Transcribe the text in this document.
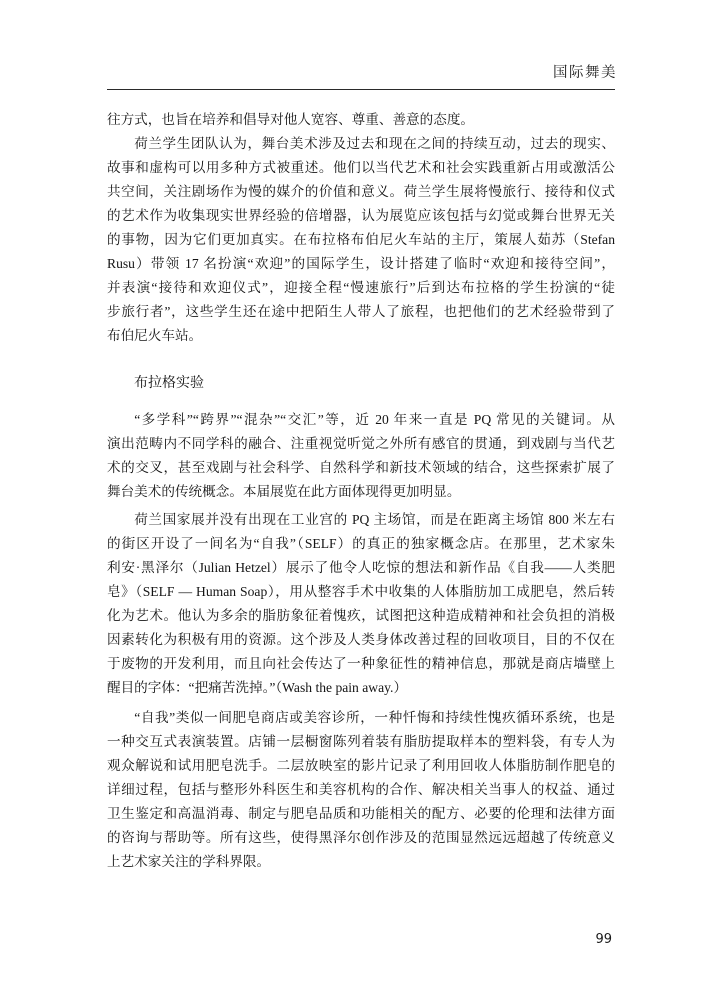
国际舞美
往方式，也旨在培养和倡导对他人宽容、尊重、善意的态度。
荷兰学生团队认为，舞台美术涉及过去和现在之间的持续互动，过去的现实、
故事和虚构可以用多种方式被重述。他们以当代艺术和社会实践重新占用或激活公
共空间，关注剧场作为慢的媒介的价值和意义。荷兰学生展将慢旅行、接待和仪式
的艺术作为收集现实世界经验的倍增器，认为展览应该包括与幻觉或舞台世界无关
的事物，因为它们更加真实。在布拉格布伯尼火车站的主厅，策展人茹苏（Stefan
Rusu）带领 17 名扮演“欢迎”的国际学生，设计搭建了临时“欢迎和接待空间”，
并表演“接待和欢迎仪式”，迎接全程“慢速旅行”后到达布拉格的学生扮演的“徒
步旅行者”，这些学生还在途中把陌生人带人了旅程，也把他们的艺术经验带到了
布伯尼火车站。
布拉格实验
“多学科”“跨界”“混杂”“交汇”等，近 20 年来一直是 PQ 常见的关键词。从
演出范畴内不同学科的融合、注重视觉听觉之外所有感官的贯通，到戏剧与当代艺
术的交叉，甚至戏剧与社会科学、自然科学和新技术领域的结合，这些探索扩展了
舞台美术的传统概念。本届展览在此方面体现得更加明显。
荷兰国家展并没有出现在工业宫的 PQ 主场馆，而是在距离主场馆 800 米左右
的街区开设了一间名为“自我”（SELF）的真正的独家概念店。在那里，艺术家朱
利安·黑泽尔（Julian Hetzel）展示了他令人吃惊的想法和新作品《自我——人类肥
皂》（SELF — Human Soap），用从整容手术中收集的人体脂肪加工成肥皂，然后转
化为艺术。他认为多余的脂肪象征着愧疚，试图把这种造成精神和社会负担的消极
因素转化为积极有用的资源。这个涉及人类身体改善过程的回收项目，目的不仅在
于废物的开发利用，而且向社会传达了一种象征性的精神信息，那就是商店墙壁上
醒目的字体：“把痛苦洗掉。”（Wash the pain away.）
“自我”类似一间肥皂商店或美容诊所，一种忏悔和持续性愧疚循环系统，也是
一种交互式表演装置。店铺一层橱窗陈列着装有脂肪提取样本的塑料袋，有专人为
观众解说和试用肥皂洗手。二层放映室的影片记录了利用回收人体脂肪制作肥皂的
详细过程，包括与整形外科医生和美容机构的合作、解决相关当事人的权益、通过
卫生鉴定和高温消毒、制定与肥皂品质和功能相关的配方、必要的伦理和法律方面
的咨询与帮助等。所有这些，使得黑泽尔创作涉及的范围显然远远超越了传统意义
上艺术家关注的学科界限。
99
